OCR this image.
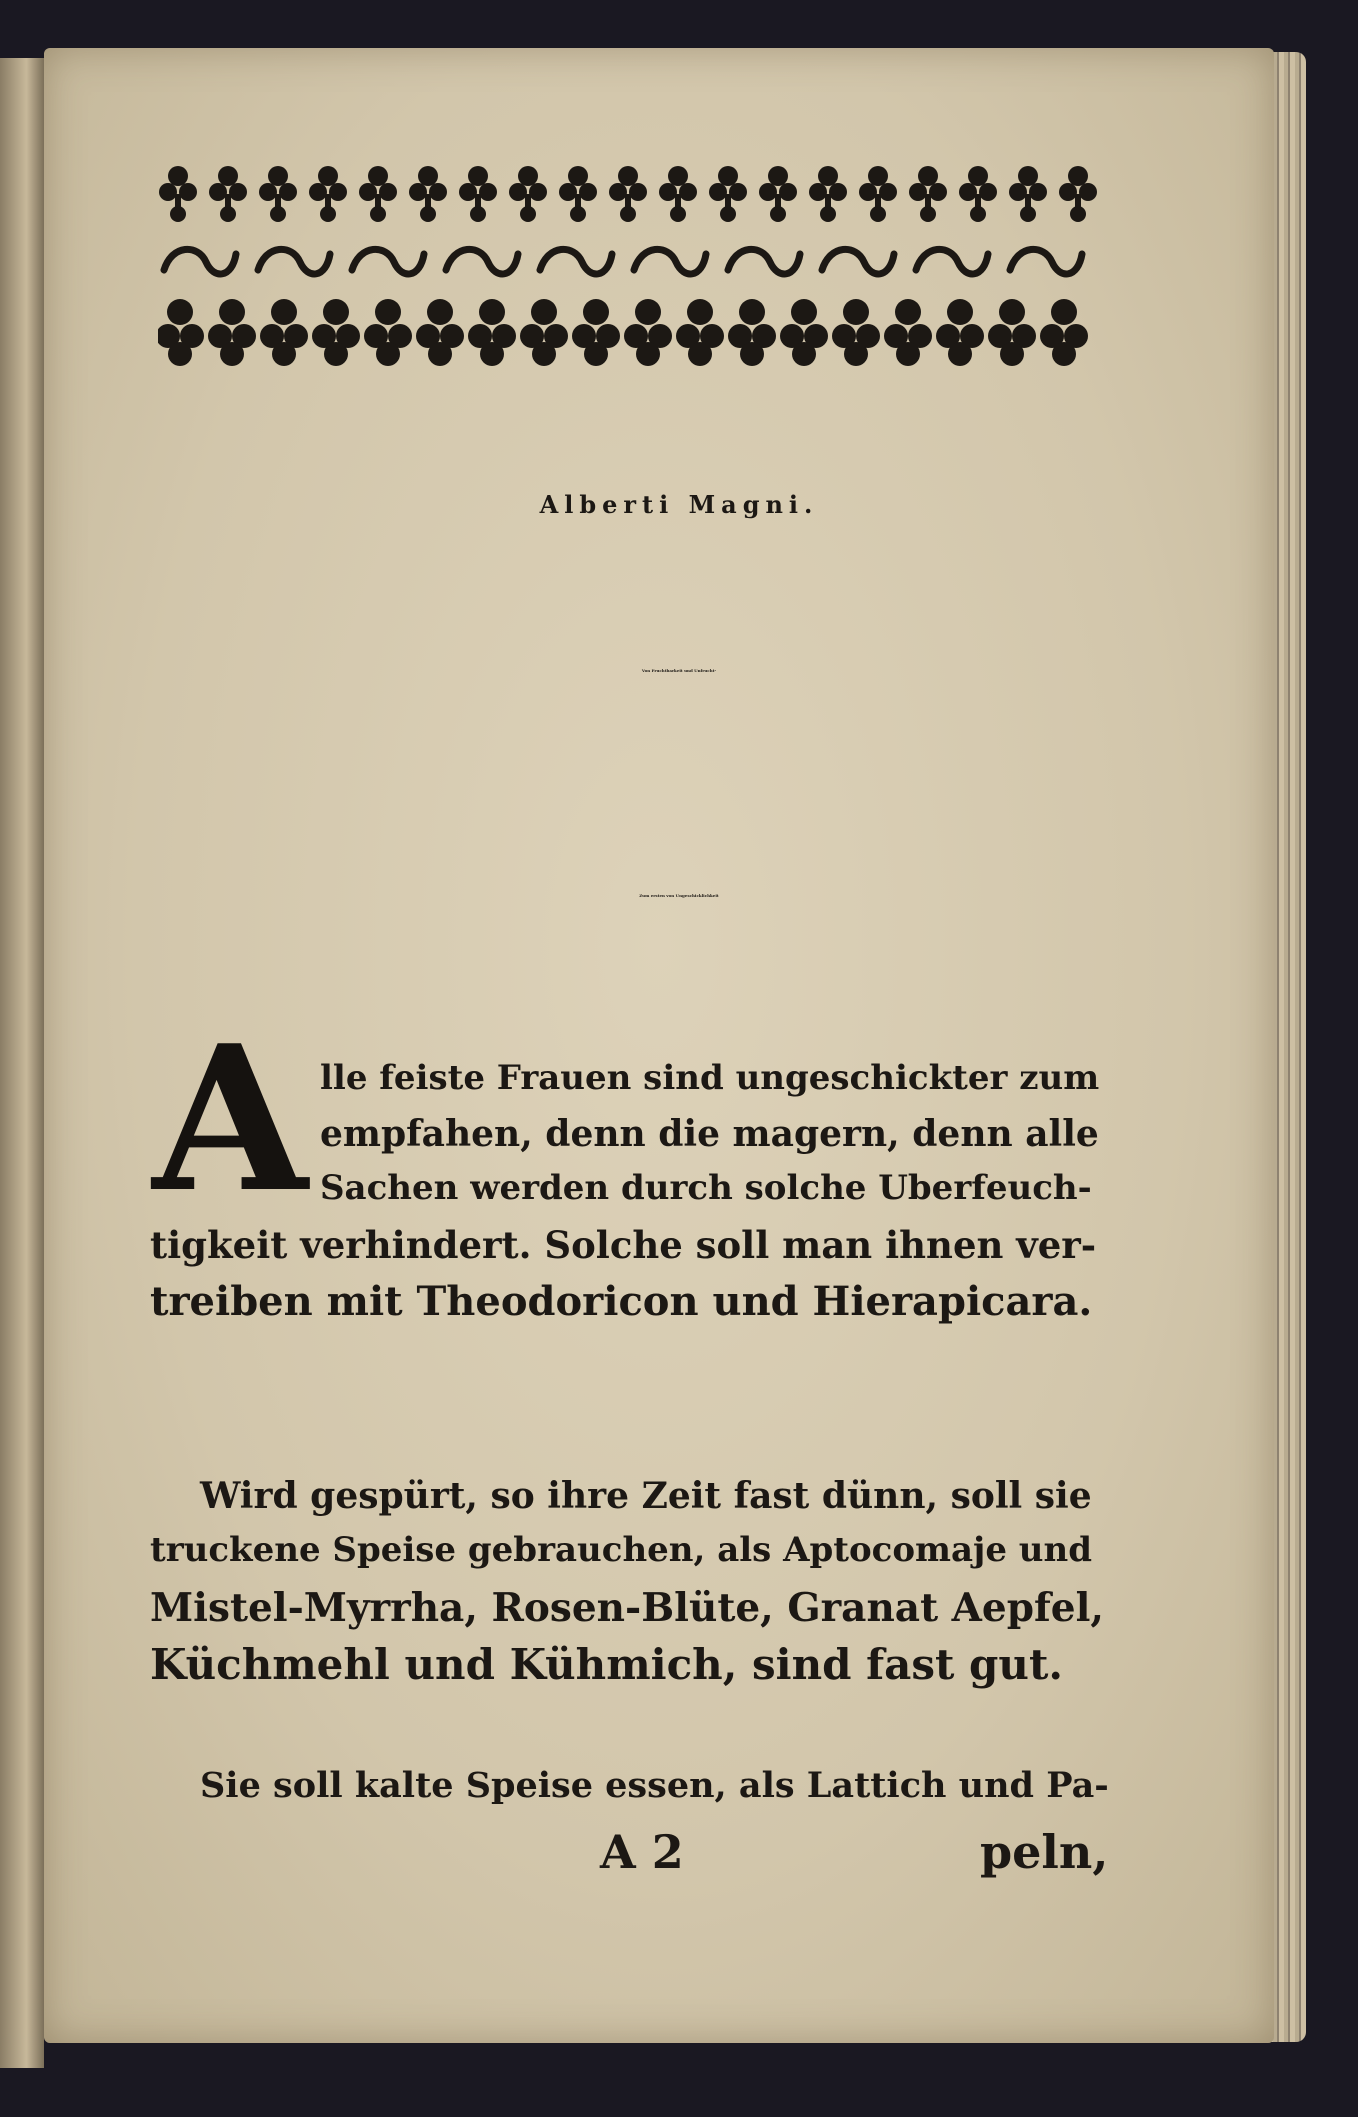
Alberti Magni.
Von Fruchtbarkeit und Unfrucht-
Zum ersten von Ungeschicklichkeit
A lle feiste Frauen sind ungeschickter zum
empfahen, denn die magern, denn alle
Sachen werden durch solche Uberfeuch-
tigkeit verhindert. Solche soll man ihnen ver-
treiben mit Theodoricon und Hierapicara.
Wird gespürt, so ihre Zeit fast dünn, soll sie
truckene Speise gebrauchen, als Aptocomaje und
Mistel-Myrrha, Rosen-Blüte, Granat Aepfel,
Küchmehl und Kühmich, sind fast gut.
Sie soll kalte Speise essen, als Lattich und Pa-
A 2	peln,
